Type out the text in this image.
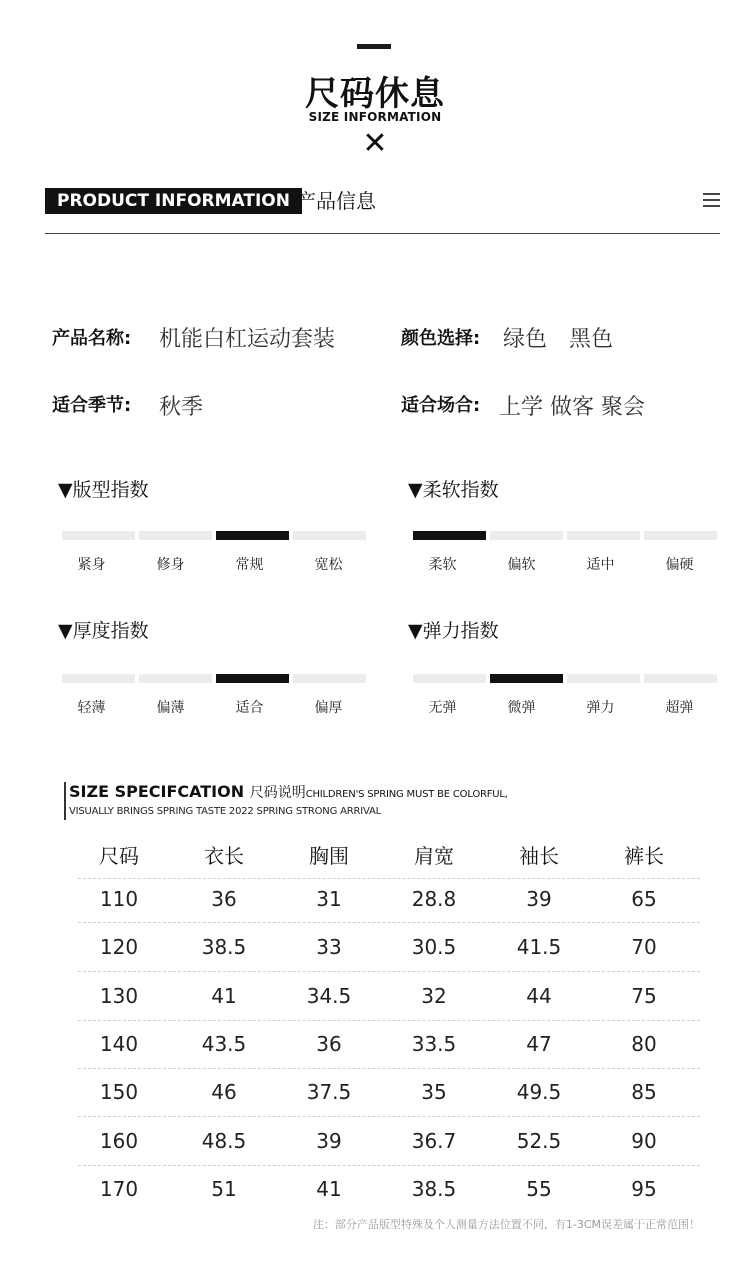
尺码休息
SIZE INFORMATION
✕
PRODUCT INFORMATION 产品信息
产品名称: 机能白杠运动套装	颜色选择: 绿色　黑色
适合季节: 秋季	适合场合: 上学 做客 聚会
▼版型指数
紧身	修身	常规	宽松
▼柔软指数
柔软	偏软	适中	偏硬
▼厚度指数
轻薄	偏薄	适合	偏厚
▼弹力指数
无弹	微弹	弹力	超弹
SIZE SPECIFCATION 尺码说明CHILDREN'S SPRING MUST BE COLORFUL,
VISUALLY BRINGS SPRING TASTE 2022 SPRING STRONG ARRIVAL
尺码	衣长	胸围	肩宽	袖长	裤长
110	36	31	28.8	39	65
120	38.5	33	30.5	41.5	70
130	41	34.5	32	44	75
140	43.5	36	33.5	47	80
150	46	37.5	35	49.5	85
160	48.5	39	36.7	52.5	90
170	51	41	38.5	55	95
注：部分产品版型特殊及个人测量方法位置不同，有1-3CM误差属于正常范围！
